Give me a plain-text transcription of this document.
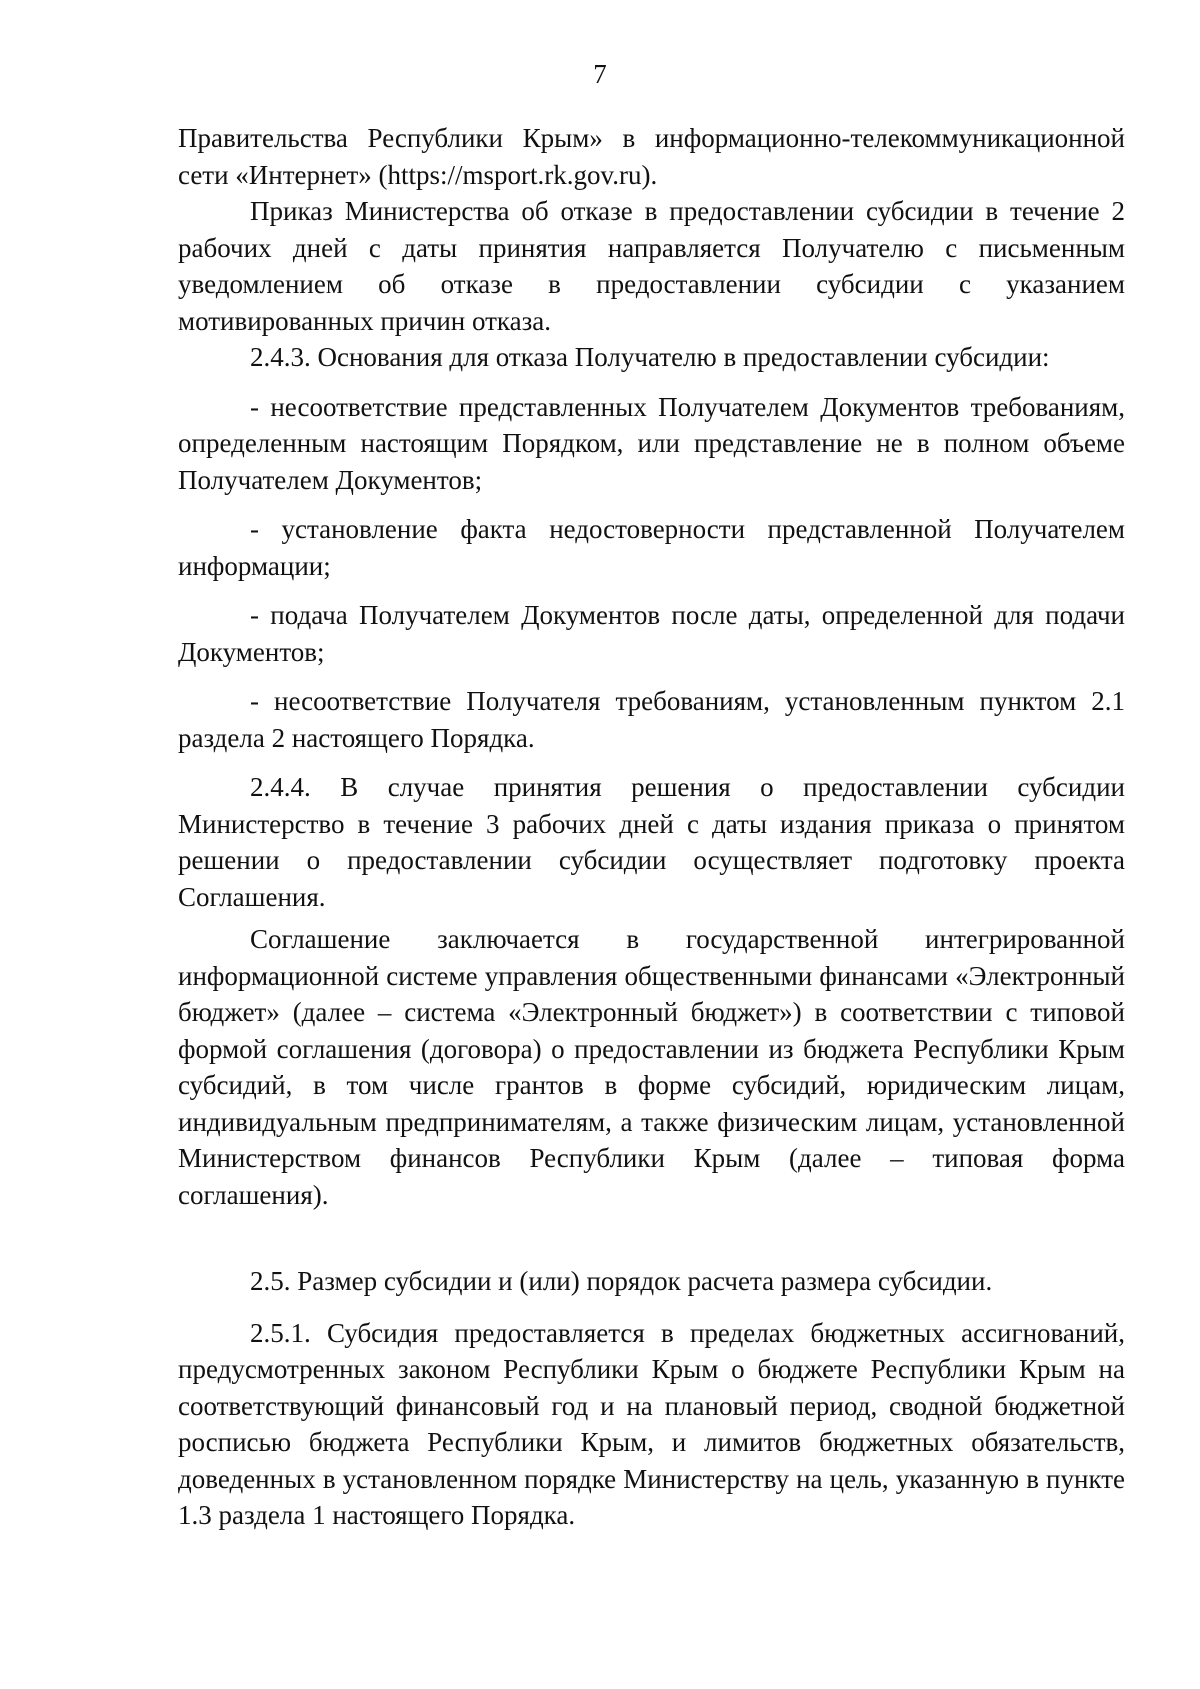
7

Правительства Республики Крым» в информационно-телекоммуникационной сети «Интернет» (https://msport.rk.gov.ru).

Приказ Министерства об отказе в предоставлении субсидии в течение 2 рабочих дней с даты принятия направляется Получателю с письменным уведомлением об отказе в предоставлении субсидии с указанием мотивированных причин отказа.

2.4.3. Основания для отказа Получателю в предоставлении субсидии:

- несоответствие представленных Получателем Документов требованиям, определенным настоящим Порядком, или представление не в полном объеме Получателем Документов;

- установление факта недостоверности представленной Получателем информации;

- подача Получателем Документов после даты, определенной для подачи Документов;

- несоответствие Получателя требованиям, установленным пунктом 2.1 раздела 2 настоящего Порядка.

2.4.4. В случае принятия решения о предоставлении субсидии Министерство в течение 3 рабочих дней с даты издания приказа о принятом решении о предоставлении субсидии осуществляет подготовку проекта Соглашения.

Соглашение заключается в государственной интегрированной информационной системе управления общественными финансами «Электронный бюджет» (далее – система «Электронный бюджет») в соответствии с типовой формой соглашения (договора) о предоставлении из бюджета Республики Крым субсидий, в том числе грантов в форме субсидий, юридическим лицам, индивидуальным предпринимателям, а также физическим лицам, установленной Министерством финансов Республики Крым (далее – типовая форма соглашения).

2.5. Размер субсидии и (или) порядок расчета размера субсидии.

2.5.1. Субсидия предоставляется в пределах бюджетных ассигнований, предусмотренных законом Республики Крым о бюджете Республики Крым на соответствующий финансовый год и на плановый период, сводной бюджетной росписью бюджета Республики Крым, и лимитов бюджетных обязательств, доведенных в установленном порядке Министерству на цель, указанную в пункте 1.3 раздела 1 настоящего Порядка.
